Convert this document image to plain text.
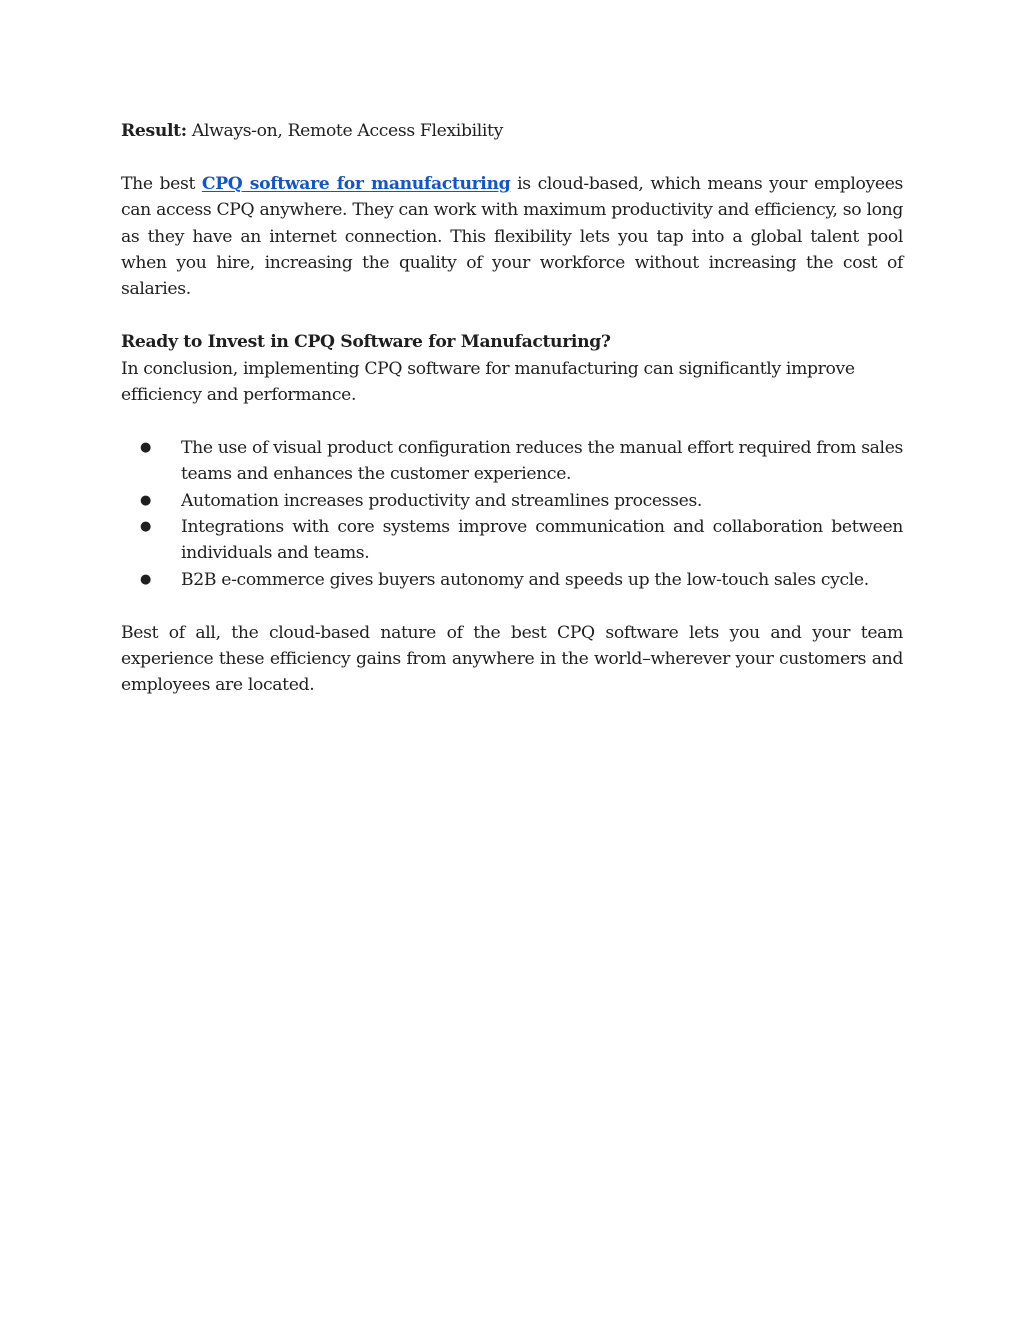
Result: Always-on, Remote Access Flexibility

The best CPQ software for manufacturing is cloud-based, which means your employees can access CPQ anywhere. They can work with maximum productivity and efficiency, so long as they have an internet connection. This flexibility lets you tap into a global talent pool when you hire, increasing the quality of your workforce without increasing the cost of salaries.

Ready to Invest in CPQ Software for Manufacturing?

In conclusion, implementing CPQ software for manufacturing can significantly improve efficiency and performance.

● The use of visual product configuration reduces the manual effort required from sales teams and enhances the customer experience.
● Automation increases productivity and streamlines processes.
● Integrations with core systems improve communication and collaboration between individuals and teams.
● B2B e-commerce gives buyers autonomy and speeds up the low-touch sales cycle.

Best of all, the cloud-based nature of the best CPQ software lets you and your team experience these efficiency gains from anywhere in the world–wherever your customers and employees are located.
